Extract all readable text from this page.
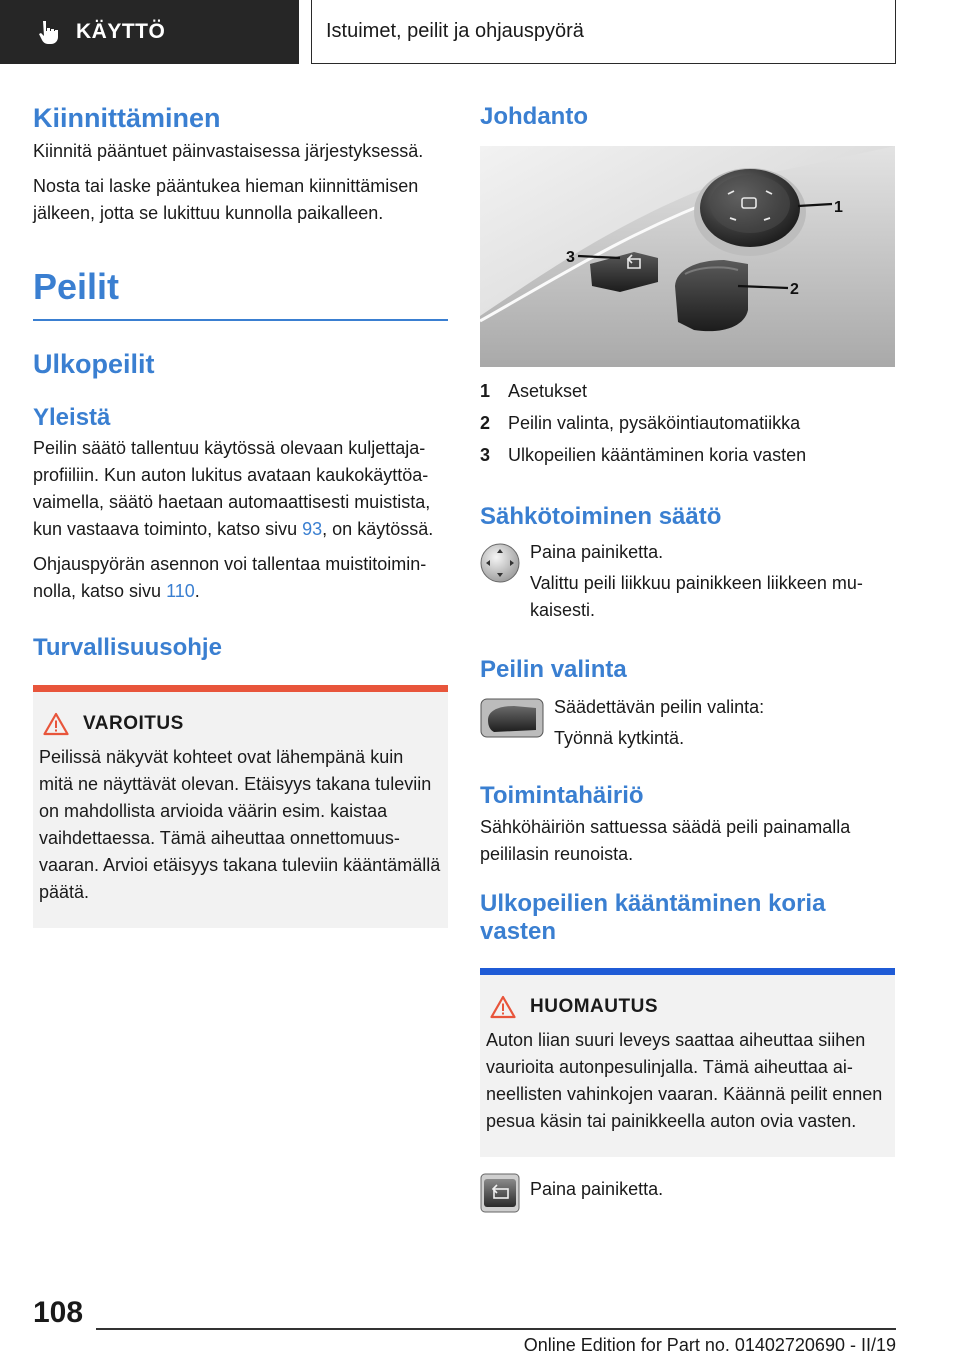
KÄYTTÖ	Istuimet, peilit ja ohjauspyörä
Kiinnittäminen

Kiinnitä pääntuet päinvastaisessa järjestyksessä.

Nosta tai laske pääntukea hieman kiinnittämisen jälkeen, jotta se lukittuu kunnolla paikalleen.

Peilit
Ulkopeilit
Yleistä

Peilin säätö tallentuu käytössä olevaan kuljettajaprofiiliin. Kun auton lukitus avataan kaukokäyttöavaimella, säätö haetaan automaattisesti muistista, kun vastaava toiminto, katso sivu 93, on käytössä.

Ohjauspyörän asennon voi tallentaa muistitoiminnolla, katso sivu 110.

Turvallisuusohje
VAROITUS

Peilissä näkyvät kohteet ovat lähempänä kuin mitä ne näyttävät olevan. Etäisyys takana tuleviin on mahdollista arvioida väärin esim. kaistaa vaihdettaessa. Tämä aiheuttaa onnettomuusvaaran. Arvioi etäisyys takana tuleviin kääntämällä päätä.

Johdanto
1
2
3
1 Asetukset
2 Peilin valinta, pysäköintiautomatiikka
3 Ulkopeilien kääntäminen koria vasten
Sähkötoiminen säätö

Paina painiketta.

Valittu peili liikkuu painikkeen liikkeen mukaisesti.

Peilin valinta

Säädettävän peilin valinta:

Työnnä kytkintä.

Toimintahäiriö

Sähköhäiriön sattuessa säädä peili painamalla peililasin reunoista.

Ulkopeilien kääntäminen koria vasten
HUOMAUTUS

Auton liian suuri leveys saattaa aiheuttaa siihen vaurioita autonpesulinjalla. Tämä aiheuttaa aineellisten vahinkojen vaaran. Käännä peilit ennen pesua käsin tai painikkeella auton ovia vasten.

Paina painiketta.

108
Online Edition for Part no. 01402720690 - II/19
